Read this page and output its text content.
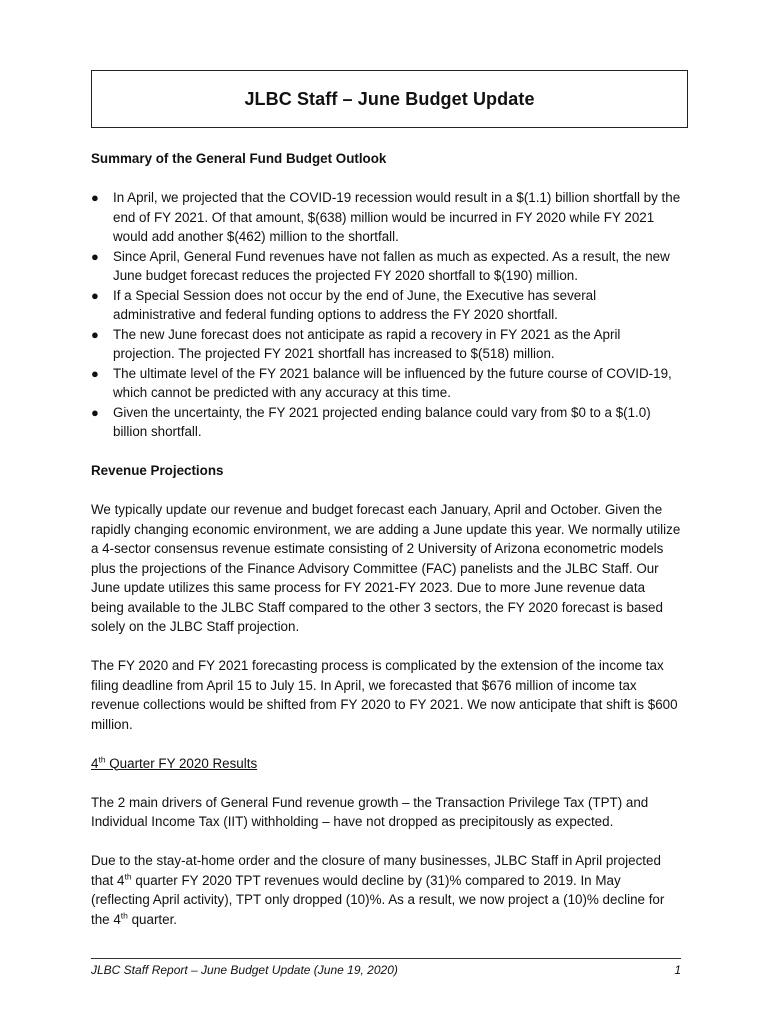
JLBC Staff – June Budget Update
Summary of the General Fund Budget Outlook
● In April, we projected that the COVID-19 recession would result in a $(1.1) billion shortfall by the end of FY 2021. Of that amount, $(638) million would be incurred in FY 2020 while FY 2021 would add another $(462) million to the shortfall.
● Since April, General Fund revenues have not fallen as much as expected. As a result, the new June budget forecast reduces the projected FY 2020 shortfall to $(190) million.
● If a Special Session does not occur by the end of June, the Executive has several administrative and federal funding options to address the FY 2020 shortfall.
● The new June forecast does not anticipate as rapid a recovery in FY 2021 as the April projection. The projected FY 2021 shortfall has increased to $(518) million.
● The ultimate level of the FY 2021 balance will be influenced by the future course of COVID-19, which cannot be predicted with any accuracy at this time.
● Given the uncertainty, the FY 2021 projected ending balance could vary from $0 to a $(1.0) billion shortfall.
Revenue Projections

We typically update our revenue and budget forecast each January, April and October. Given the rapidly changing economic environment, we are adding a June update this year. We normally utilize a 4-sector consensus revenue estimate consisting of 2 University of Arizona econometric models plus the projections of the Finance Advisory Committee (FAC) panelists and the JLBC Staff. Our June update utilizes this same process for FY 2021-FY 2023. Due to more June revenue data being available to the JLBC Staff compared to the other 3 sectors, the FY 2020 forecast is based solely on the JLBC Staff projection.

The FY 2020 and FY 2021 forecasting process is complicated by the extension of the income tax filing deadline from April 15 to July 15. In April, we forecasted that $676 million of income tax revenue collections would be shifted from FY 2020 to FY 2021. We now anticipate that shift is $600 million.

4th Quarter FY 2020 Results

The 2 main drivers of General Fund revenue growth – the Transaction Privilege Tax (TPT) and Individual Income Tax (IIT) withholding – have not dropped as precipitously as expected.

Due to the stay-at-home order and the closure of many businesses, JLBC Staff in April projected that 4th quarter FY 2020 TPT revenues would decline by (31)% compared to 2019. In May (reflecting April activity), TPT only dropped (10)%. As a result, we now project a (10)% decline for the 4th quarter.

JLBC Staff Report – June Budget Update (June 19, 2020)	1
